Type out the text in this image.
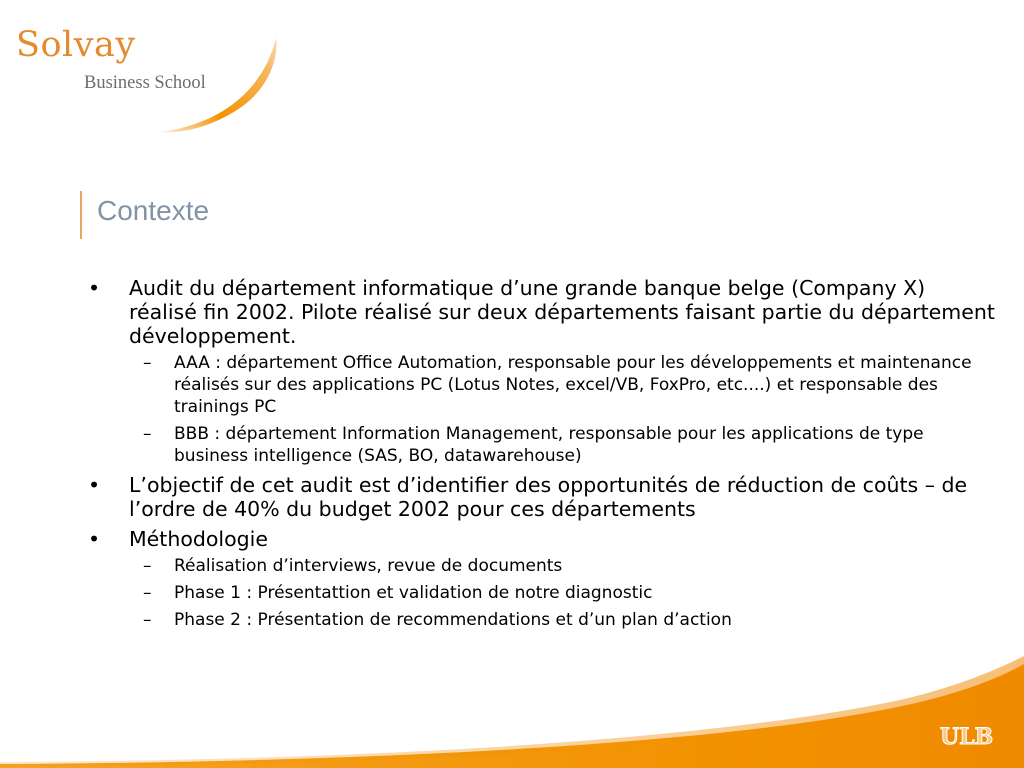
Solvay
Business School
Contexte
• Audit du département informatique d’une grande banque belge (Company X) réalisé fin 2002. Pilote réalisé sur deux départements faisant partie du département développement.
– AAA : département Office Automation, responsable pour les développements et maintenance réalisés sur des applications PC (Lotus Notes, excel/VB, FoxPro, etc....) et responsable des trainings PC
– BBB : département Information Management, responsable pour les applications de type business intelligence (SAS, BO, datawarehouse)
• L’objectif de cet audit est d’identifier des opportunités de réduction de coûts – de l’ordre de 40% du budget 2002 pour ces départements
• Méthodologie
– Réalisation d’interviews, revue de documents
– Phase 1 : Présentattion et validation de notre diagnostic
– Phase 2 : Présentation de recommendations et d’un plan d’action
ULB
